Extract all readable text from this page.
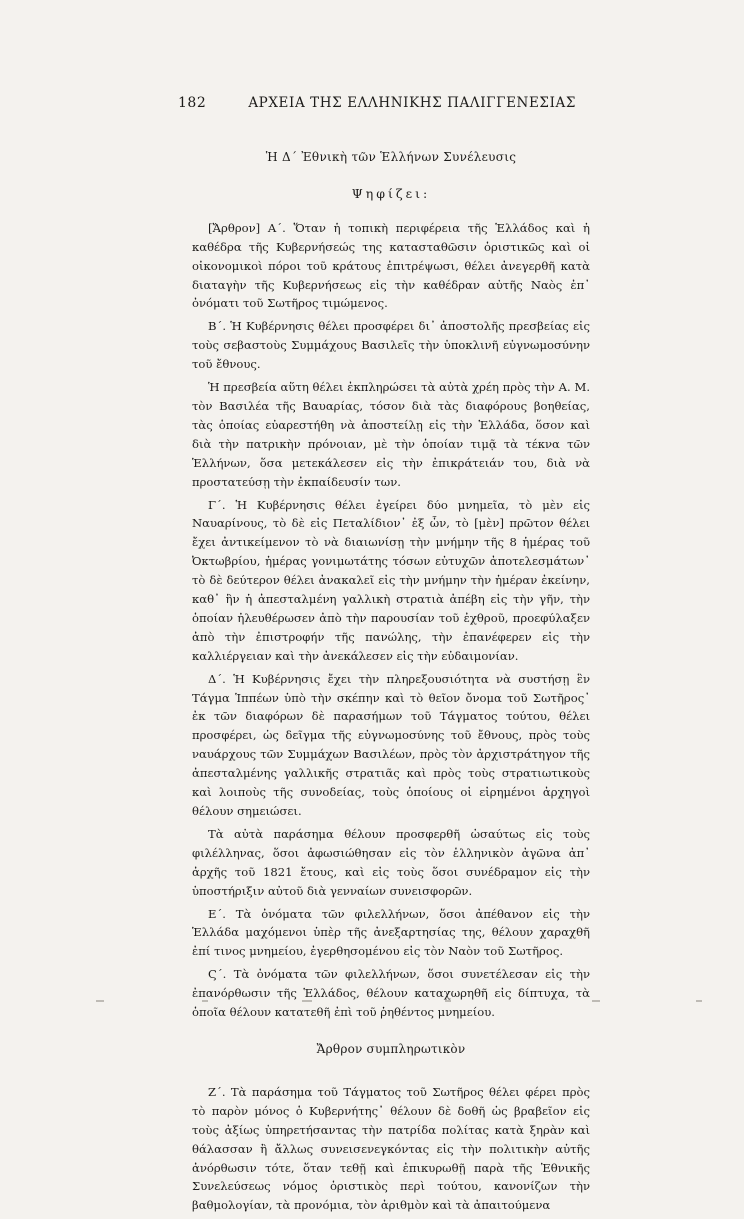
182	ΑΡΧΕΙΑ ΤΗΣ ΕΛΛΗΝΙΚΗΣ ΠΑΛΙΓΓΕΝΕΣΙΑΣ

Ἡ Δ΄ Ἐθνικὴ τῶν Ἑλλήνων Συνέλευσις

Ψηφίζει:

[Ἄρθρον] Α΄. Ὅταν ἡ τοπικὴ περιφέρεια τῆς Ἑλλάδος καὶ ἡ καθέδρα τῆς Κυβερνήσεώς της κατασταθῶσιν ὁριστικῶς καὶ οἱ οἰκονομικοὶ πόροι τοῦ κράτους ἐπιτρέψωσι, θέλει ἀνεγερθῆ κατὰ διαταγὴν τῆς Κυβερνήσεως εἰς τὴν καθέδραν αὐτῆς Ναὸς ἐπ᾿ ὀνόματι τοῦ Σωτῆρος τιμώμενος.

Β΄. Ἡ Κυβέρνησις θέλει προσφέρει δι᾿ ἀποστολῆς πρεσβείας εἰς τοὺς σεβαστοὺς Συμμάχους Βασιλεῖς τὴν ὑποκλινῆ εὐγνωμοσύνην τοῦ ἔθνους.

Ἡ πρεσβεία αὕτη θέλει ἐκπληρώσει τὰ αὐτὰ χρέη πρὸς τὴν Α. Μ. τὸν Βασιλέα τῆς Βαυαρίας, τόσον διὰ τὰς διαφόρους βοηθείας, τὰς ὁποίας εὐαρεστήθη νὰ ἀποστείλῃ εἰς τὴν Ἑλλάδα, ὅσον καὶ διὰ τὴν πατρικὴν πρόνοιαν, μὲ τὴν ὁποίαν τιμᾷ τὰ τέκνα τῶν Ἑλλήνων, ὅσα μετεκάλεσεν εἰς τὴν ἐπικράτειάν του, διὰ νὰ προστατεύσῃ τὴν ἐκπαίδευσίν των.

Γ΄. Ἡ Κυβέρνησις θέλει ἐγείρει δύο μνημεῖα, τὸ μὲν εἰς Ναυαρίνους, τὸ δὲ εἰς Πεταλίδιον᾿ ἐξ ὧν, τὸ [μὲν] πρῶτον θέλει ἔχει ἀντικείμενον τὸ νὰ διαιωνίσῃ τὴν μνήμην τῆς 8 ἡμέρας τοῦ Ὀκτωβρίου, ἡμέρας γονιμωτάτης τόσων εὐτυχῶν ἀποτελεσμάτων᾿ τὸ δὲ δεύτερον θέλει ἀνακαλεῖ εἰς τὴν μνήμην τὴν ἡμέραν ἐκείνην, καθ᾿ ἣν ἡ ἀπεσταλμένη γαλλικὴ στρατιὰ ἀπέβη εἰς τὴν γῆν, τὴν ὁποίαν ἠλευθέρωσεν ἀπὸ τὴν παρουσίαν τοῦ ἐχθροῦ, προεφύλαξεν ἀπὸ τὴν ἐπιστροφήν τῆς πανώλης, τὴν ἐπανέφερεν εἰς τὴν καλλιέργειαν καὶ τὴν ἀνεκάλεσεν εἰς τὴν εὐδαιμονίαν.

Δ΄. Ἡ Κυβέρνησις ἔχει τὴν πληρεξουσιότητα νὰ συστήσῃ ἓν Τάγμα Ἱππέων ὑπὸ τὴν σκέπην καὶ τὸ θεῖον ὄνομα τοῦ Σωτῆρος᾿ ἐκ τῶν διαφόρων δὲ παρασήμων τοῦ Τάγματος τούτου, θέλει προσφέρει, ὡς δεῖγμα τῆς εὐγνωμοσύνης τοῦ ἔθνους, πρὸς τοὺς ναυάρχους τῶν Συμμάχων Βασιλέων, πρὸς τὸν ἀρχιστράτηγον τῆς ἀπεσταλμένης γαλλικῆς στρατιᾶς καὶ πρὸς τοὺς στρατιωτικοὺς καὶ λοιποὺς τῆς συνοδείας, τοὺς ὁποίους οἱ εἰρημένοι ἀρχηγοὶ θέλουν σημειώσει.

Τὰ αὐτὰ παράσημα θέλουν προσφερθῆ ὡσαύτως εἰς τοὺς φιλέλληνας, ὅσοι ἀφωσιώθησαν εἰς τὸν ἑλληνικὸν ἀγῶνα ἀπ᾿ ἀρχῆς τοῦ 1821 ἔτους, καὶ εἰς τοὺς ὅσοι συνέδραμον εἰς τὴν ὑποστήριξιν αὐτοῦ διὰ γενναίων συνεισφορῶν.

Ε΄. Τὰ ὀνόματα τῶν φιλελλήνων, ὅσοι ἀπέθανον εἰς τὴν Ἑλλάδα μαχόμενοι ὑπὲρ τῆς ἀνεξαρτησίας της, θέλουν χαραχθῆ ἐπί τινος μνημείου, ἐγερθησομένου εἰς τὸν Ναὸν τοῦ Σωτῆρος.

Ϛ΄. Τὰ ὀνόματα τῶν φιλελλήνων, ὅσοι συνετέλεσαν εἰς τὴν ἐπανόρθωσιν τῆς Ἑλλάδος, θέλουν καταχωρηθῆ εἰς δίπτυχα, τὰ ὁποῖα θέλουν κατατεθῆ ἐπὶ τοῦ ῥηθέντος μνημείου.

Ἄρθρον συμπληρωτικὸν

Ζ΄. Τὰ παράσημα τοῦ Τάγματος τοῦ Σωτῆρος θέλει φέρει πρὸς τὸ παρὸν μόνος ὁ Κυβερνήτης᾿ θέλουν δὲ δοθῆ ὡς βραβεῖον εἰς τοὺς ἀξίως ὑπηρετήσαντας τὴν πατρίδα πολίτας κατὰ ξηρὰν καὶ θάλασσαν ἢ ἄλλως συνεισενεγκόντας εἰς τὴν πολιτικὴν αὐτῆς ἀνόρθωσιν τότε, ὅταν τεθῇ καὶ ἐπικυρωθῇ παρὰ τῆς Ἐθνικῆς Συνελεύσεως νόμος ὁριστικὸς περὶ τούτου, κανονίζων τὴν βαθμολογίαν, τὰ προνόμια, τὸν ἀριθμὸν καὶ τὰ ἀπαιτούμενα
